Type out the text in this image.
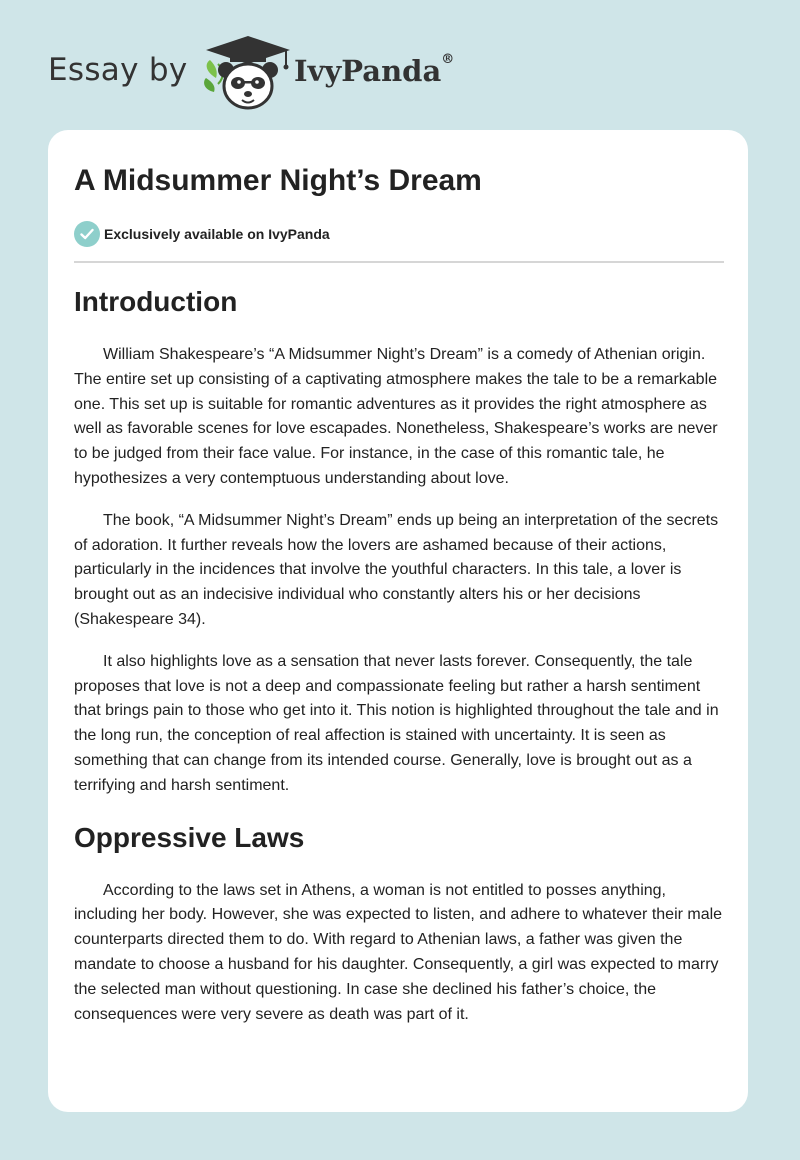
Essay by	IvyPanda®
A Midsummer Night’s Dream
Exclusively available on IvyPanda
Introduction

William Shakespeare’s “A Midsummer Night’s Dream” is a comedy of Athenian origin. The entire set up consisting of a captivating atmosphere makes the tale to be a remarkable one. This set up is suitable for romantic adventures as it provides the right atmosphere as well as favorable scenes for love escapades. Nonetheless, Shakespeare’s works are never to be judged from their face value. For instance, in the case of this romantic tale, he hypothesizes a very contemptuous understanding about love.

The book, “A Midsummer Night’s Dream” ends up being an interpretation of the secrets of adoration. It further reveals how the lovers are ashamed because of their actions, particularly in the incidences that involve the youthful characters. In this tale, a lover is brought out as an indecisive individual who constantly alters his or her decisions (Shakespeare 34).

It also highlights love as a sensation that never lasts forever. Consequently, the tale proposes that love is not a deep and compassionate feeling but rather a harsh sentiment that brings pain to those who get into it. This notion is highlighted throughout the tale and in the long run, the conception of real affection is stained with uncertainty. It is seen as something that can change from its intended course. Generally, love is brought out as a terrifying and harsh sentiment.

Oppressive Laws

According to the laws set in Athens, a woman is not entitled to posses anything, including her body. However, she was expected to listen, and adhere to whatever their male counterparts directed them to do. With regard to Athenian laws, a father was given the mandate to choose a husband for his daughter. Consequently, a girl was expected to marry the selected man without questioning. In case she declined his father’s choice, the consequences were very severe as death was part of it.
